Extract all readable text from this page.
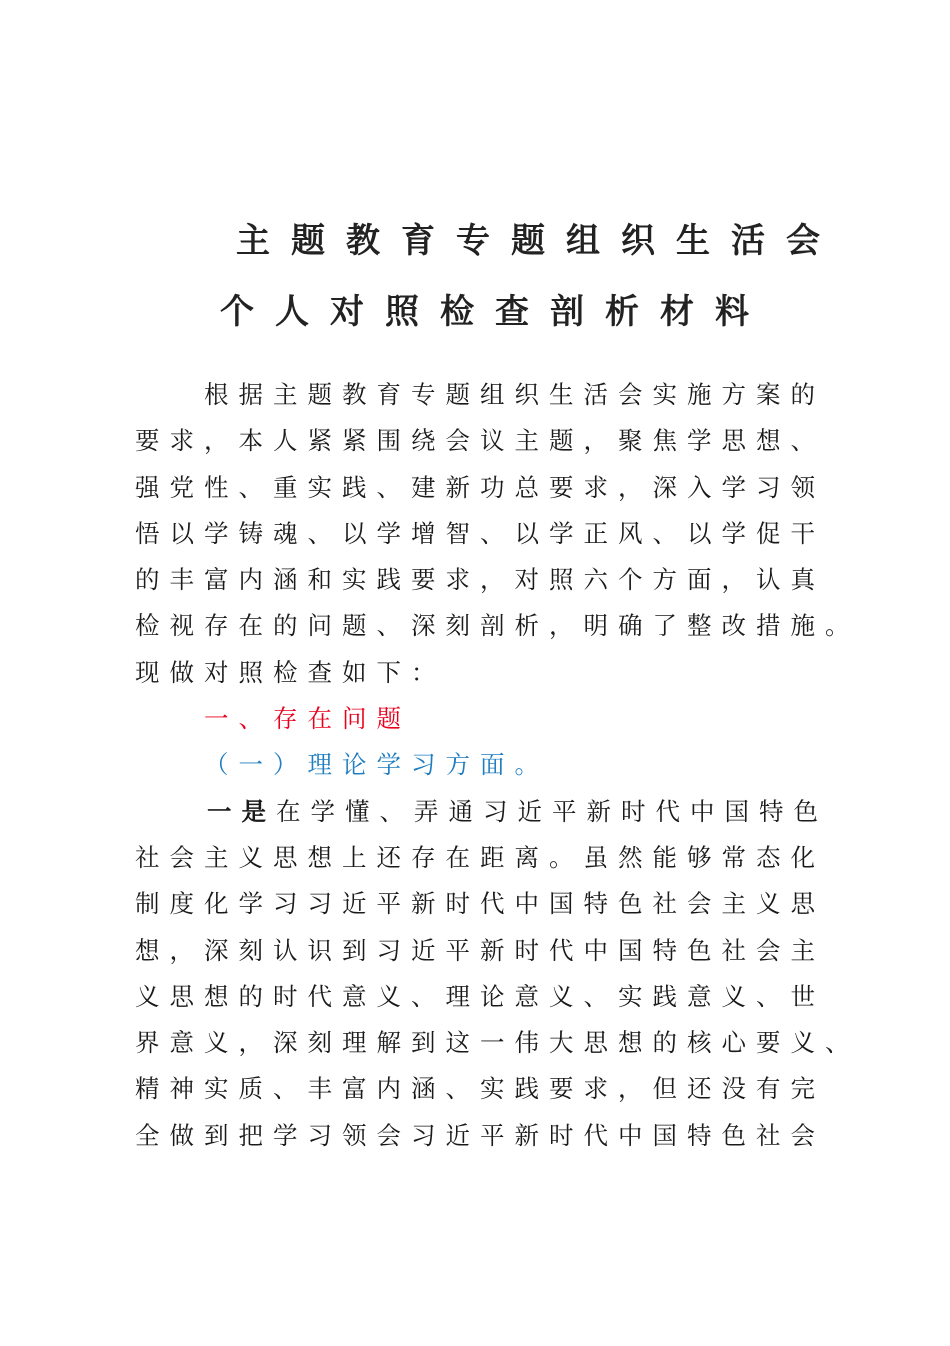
主题教育专题组织生活会
个人对照检查剖析材料
根据主题教育专题组织生活会实施方案的
要求，本人紧紧围绕会议主题，聚焦学思想、
强党性、重实践、建新功总要求，深入学习领
悟以学铸魂、以学增智、以学正风、以学促干
的丰富内涵和实践要求，对照六个方面，认真
检视存在的问题、深刻剖析，明确了整改措施。
现做对照检查如下：
一、存在问题
（一）理论学习方面。
一是在学懂、弄通习近平新时代中国特色
社会主义思想上还存在距离。虽然能够常态化
制度化学习习近平新时代中国特色社会主义思
想，深刻认识到习近平新时代中国特色社会主
义思想的时代意义、理论意义、实践意义、世
界意义，深刻理解到这一伟大思想的核心要义、
精神实质、丰富内涵、实践要求，但还没有完
全做到把学习领会习近平新时代中国特色社会
